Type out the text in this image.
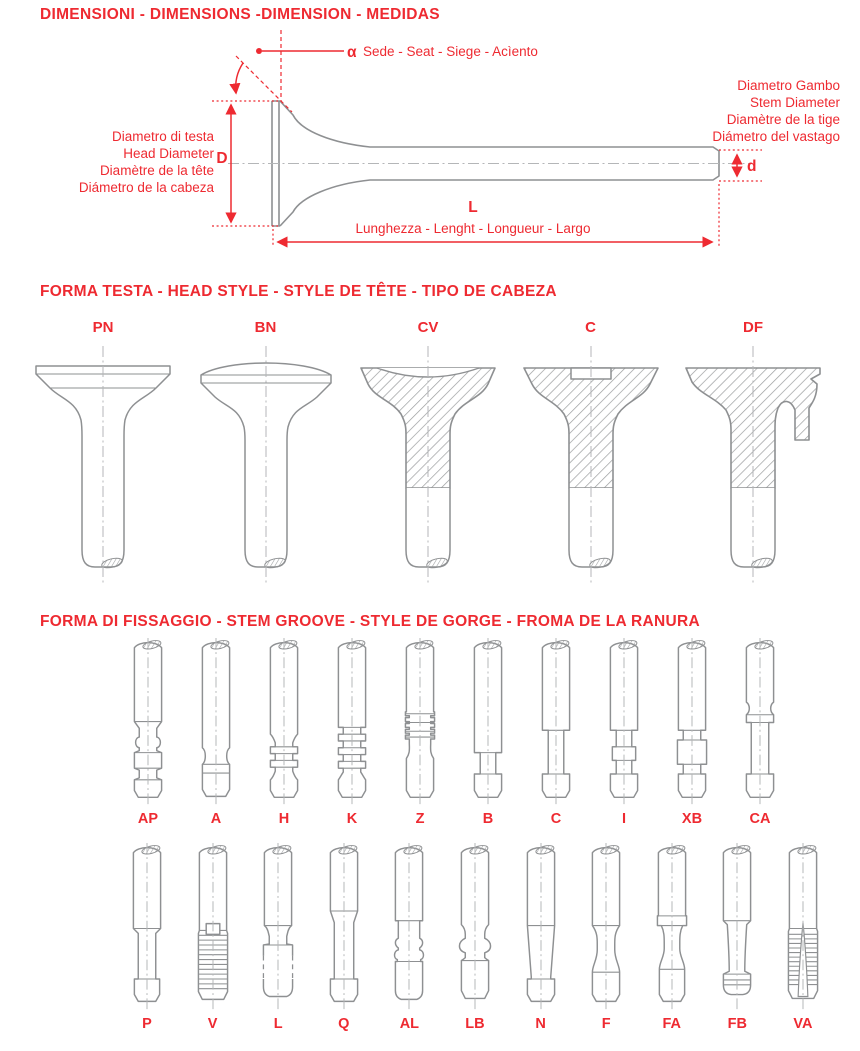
DIMENSIONI - DIMENSIONS -DIMENSION - MEDIDAS
α Sede - Seat - Siege - Acìento
D
Diametro di testa
Head Diameter
Diamètre de la tête
Diámetro de la cabeza
Diametro Gambo
Stem Diameter
Diamètre de la tige
Diámetro del vastago
d
L
Lunghezza - Lenght - Longueur - Largo
FORMA TESTA - HEAD STYLE - STYLE DE TÊTE - TIPO DE CABEZA
PN	BN	CV	C	DF
FORMA DI FISSAGGIO - STEM GROOVE - STYLE DE GORGE - FROMA DE LA RANURA
AP	A	H	K	Z	B	C	I	XB	CA
P	V	L	Q	AL	LB	N	F	FA	FB	VA
